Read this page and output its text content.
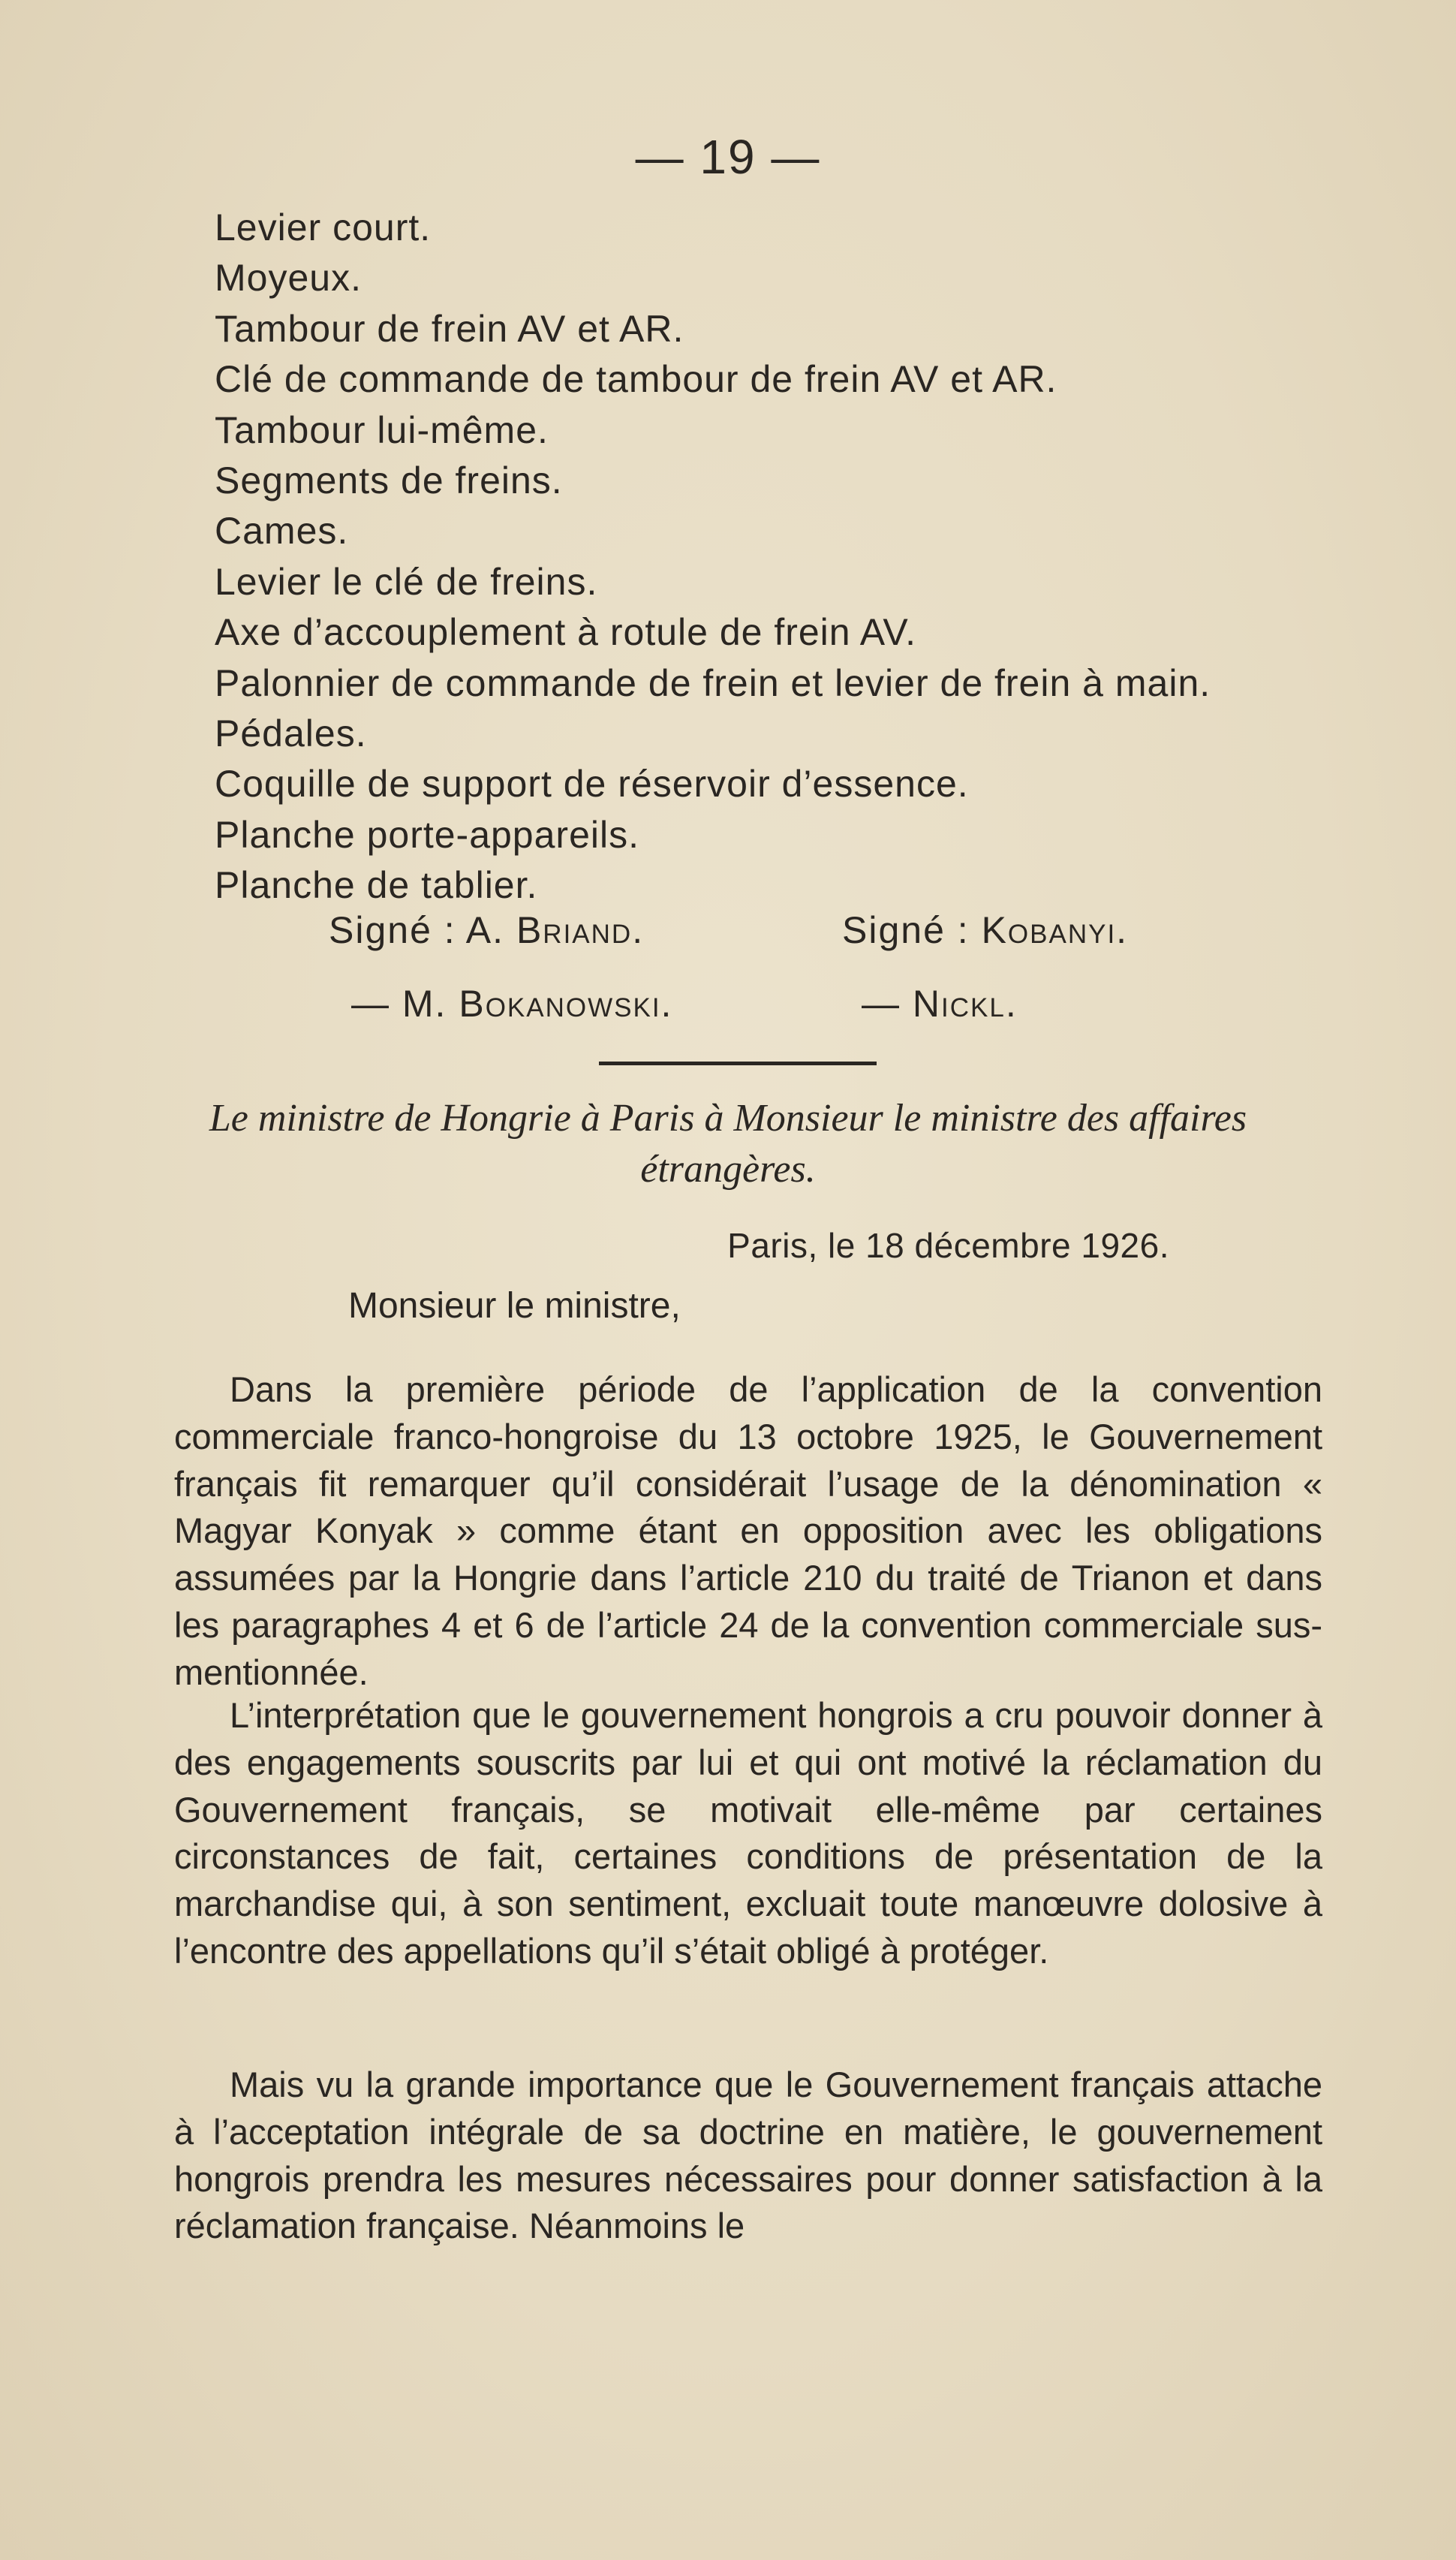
— 19 —
Levier court.
Moyeux.
Tambour de frein AV et AR.
Clé de commande de tambour de frein AV et AR.
Tambour lui-même.
Segments de freins.
Cames.
Levier le clé de freins.
Axe d’accouplement à rotule de frein AV.
Palonnier de commande de frein et levier de frein à main.
Pédales.
Coquille de support de réservoir d’essence.
Planche porte-appareils.
Planche de tablier.
Signé : A. Briand.	Signé : Kobanyi.
— M. Bokanowski.	— Nickl.
Le ministre de Hongrie à Paris à Monsieur le ministre des affaires étrangères.
Paris, le 18 décembre 1926.
Monsieur le ministre,

Dans la première période de l’application de la convention commerciale franco-hongroise du 13 octobre 1925, le Gouvernement français fit remarquer qu’il considérait l’usage de la dénomination « Magyar Konyak » comme étant en opposition avec les obligations assumées par la Hongrie dans l’article 210 du traité de Trianon et dans les paragraphes 4 et 6 de l’article 24 de la convention commerciale sus-mentionnée.

L’interprétation que le gouvernement hongrois a cru pouvoir donner à des engagements souscrits par lui et qui ont motivé la réclamation du Gouvernement français, se motivait elle-même par certaines circonstances de fait, certaines conditions de présentation de la marchandise qui, à son sentiment, excluait toute manœuvre dolosive à l’encontre des appellations qu’il s’était obligé à protéger.

Mais vu la grande importance que le Gouvernement français attache à l’acceptation intégrale de sa doctrine en matière, le gouvernement hongrois prendra les mesures nécessaires pour donner satisfaction à la réclamation française. Néanmoins le
